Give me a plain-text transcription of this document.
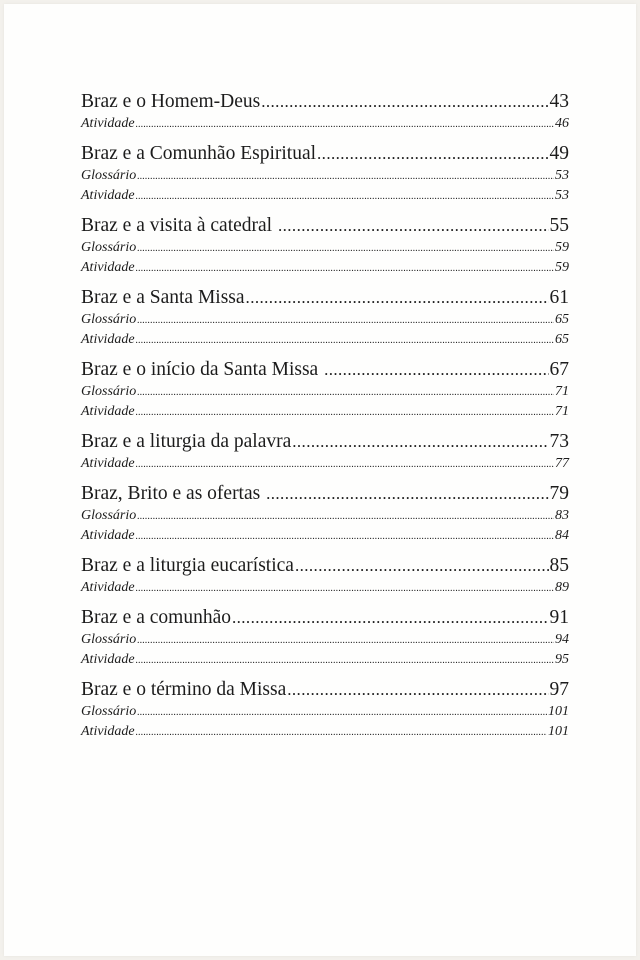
Braz e o Homem-Deus .....	43
Atividade .....	46
Braz e a Comunhão Espiritual .....	49
Glossário .....	53
Atividade .....	53
Braz e a visita à catedral .....	55
Glossário .....	59
Atividade .....	59
Braz e a Santa Missa .....	61
Glossário .....	65
Atividade .....	65
Braz e o início da Santa Missa .....	67
Glossário .....	71
Atividade .....	71
Braz e a liturgia da palavra .....	73
Atividade .....	77
Braz, Brito e as ofertas .....	79
Glossário .....	83
Atividade .....	84
Braz e a liturgia eucarística .....	85
Atividade .....	89
Braz e a comunhão .....	91
Glossário .....	94
Atividade .....	95
Braz e o término da Missa .....	97
Glossário .....	101
Atividade .....	101
